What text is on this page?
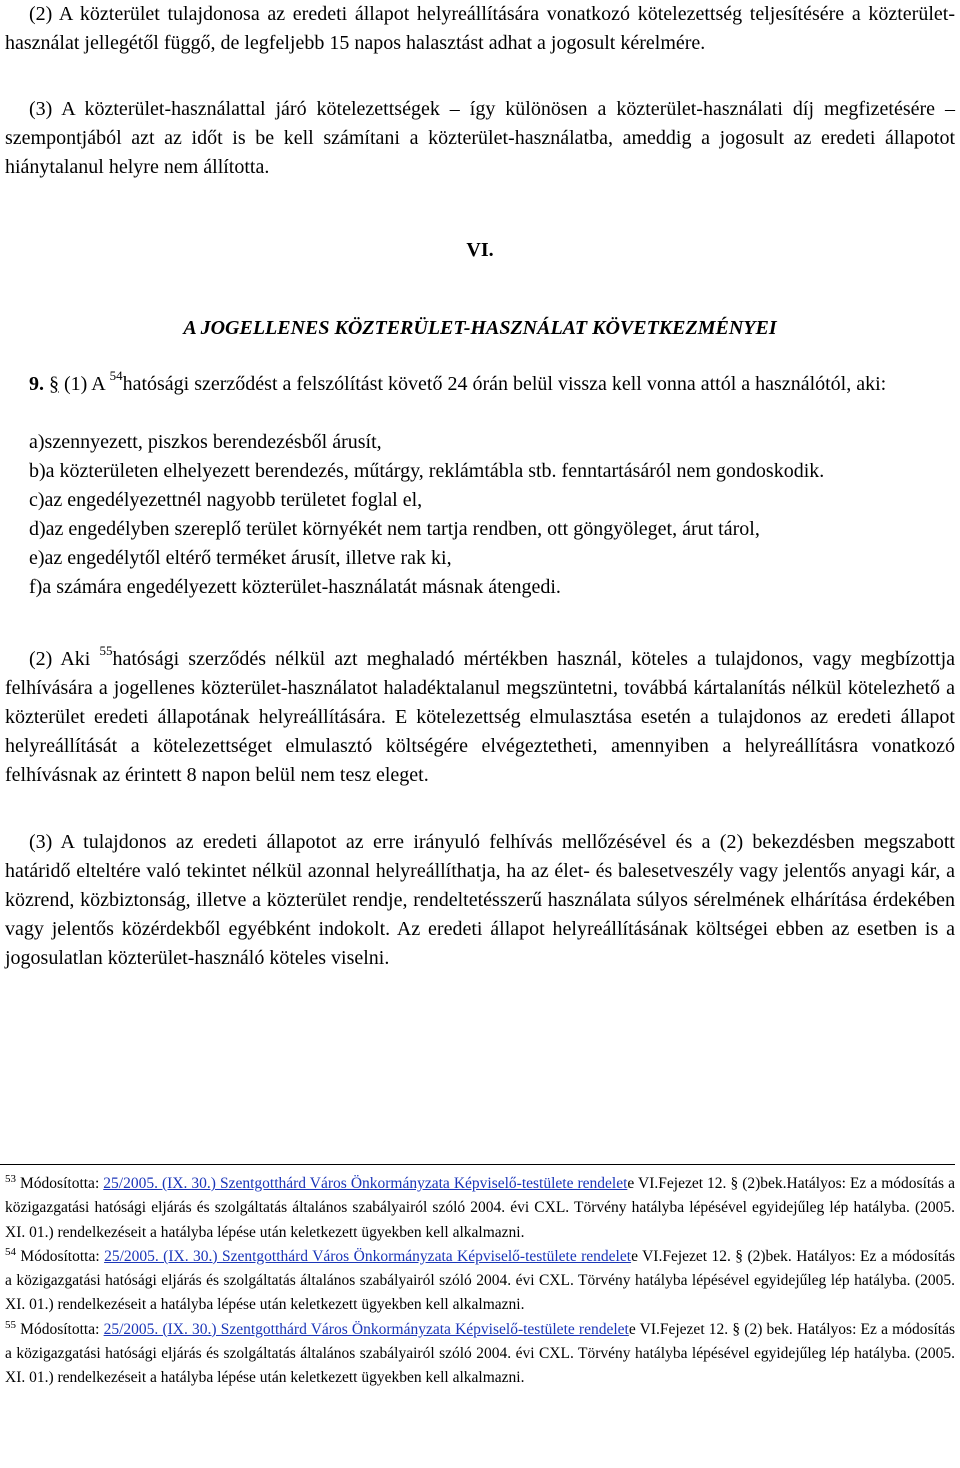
(2) A közterület tulajdonosa az eredeti állapot helyreállítására vonatkozó kötelezettség teljesítésére a közterület-használat jellegétől függő, de legfeljebb 15 napos halasztást adhat a jogosult kérelmére.

(3) A közterület-használattal járó kötelezettségek – így különösen a közterület-használati díj megfizetésére – szempontjából azt az időt is be kell számítani a közterület-használatba, ameddig a jogosult az eredeti állapotot hiánytalanul helyre nem állította.

VI.

A JOGELLENES KÖZTERÜLET-HASZNÁLAT KÖVETKEZMÉNYEI

9. § (1) A $^{54}$hatósági szerződést a felszólítást követő 24 órán belül vissza kell vonna attól a használótól, aki:

a)szennyezett, piszkos berendezésből árusít,

b)a közterületen elhelyezett berendezés, műtárgy, reklámtábla stb. fenntartásáról nem gondoskodik.

c)az engedélyezettnél nagyobb területet foglal el,

d)az engedélyben szereplő terület környékét nem tartja rendben, ott göngyöleget, árut tárol,

e)az engedélytől eltérő terméket árusít, illetve rak ki,

f)a számára engedélyezett közterület-használatát másnak átengedi.

(2) Aki $^{55}$hatósági szerződés nélkül azt meghaladó mértékben használ, köteles a tulajdonos, vagy megbízottja felhívására a jogellenes közterület-használatot haladéktalanul megszüntetni, továbbá kártalanítás nélkül kötelezhető a közterület eredeti állapotának helyreállítására. E kötelezettség elmulasztása esetén a tulajdonos az eredeti állapot helyreállítását a kötelezettséget elmulasztó költségére elvégeztetheti, amennyiben a helyreállításra vonatkozó felhívásnak az érintett 8 napon belül nem tesz eleget.

(3) A tulajdonos az eredeti állapotot az erre irányuló felhívás mellőzésével és a (2) bekezdésben megszabott határidő elteltére való tekintet nélkül azonnal helyreállíthatja, ha az élet- és balesetveszély vagy jelentős anyagi kár, a közrend, közbiztonság, illetve a közterület rendje, rendeltetésszerű használata súlyos sérelmének elhárítása érdekében vagy jelentős közérdekből egyébként indokolt. Az eredeti állapot helyreállításának költségei ebben az esetben is a jogosulatlan közterület-használó köteles viselni.

$^{53}$ Módosította: 25/2005. (IX. 30.) Szentgotthárd Város Önkormányzata Képviselő-testülete rendelete VI.Fejezet 12. § (2)bek.Hatályos: Ez a módosítás a közigazgatási hatósági eljárás és szolgáltatás általános szabályairól szóló 2004. évi CXL. Törvény hatályba lépésével egyidejűleg lép hatályba. (2005. XI. 01.) rendelkezéseit a hatályba lépése után keletkezett ügyekben kell alkalmazni.

$^{54}$ Módosította: 25/2005. (IX. 30.) Szentgotthárd Város Önkormányzata Képviselő-testülete rendelete VI.Fejezet 12. § (2)bek. Hatályos: Ez a módosítás a közigazgatási hatósági eljárás és szolgáltatás általános szabályairól szóló 2004. évi CXL. Törvény hatályba lépésével egyidejűleg lép hatályba. (2005. XI. 01.) rendelkezéseit a hatályba lépése után keletkezett ügyekben kell alkalmazni.

$^{55}$ Módosította: 25/2005. (IX. 30.) Szentgotthárd Város Önkormányzata Képviselő-testülete rendelete VI.Fejezet 12. § (2) bek. Hatályos: Ez a módosítás a közigazgatási hatósági eljárás és szolgáltatás általános szabályairól szóló 2004. évi CXL. Törvény hatályba lépésével egyidejűleg lép hatályba. (2005. XI. 01.) rendelkezéseit a hatályba lépése után keletkezett ügyekben kell alkalmazni.
